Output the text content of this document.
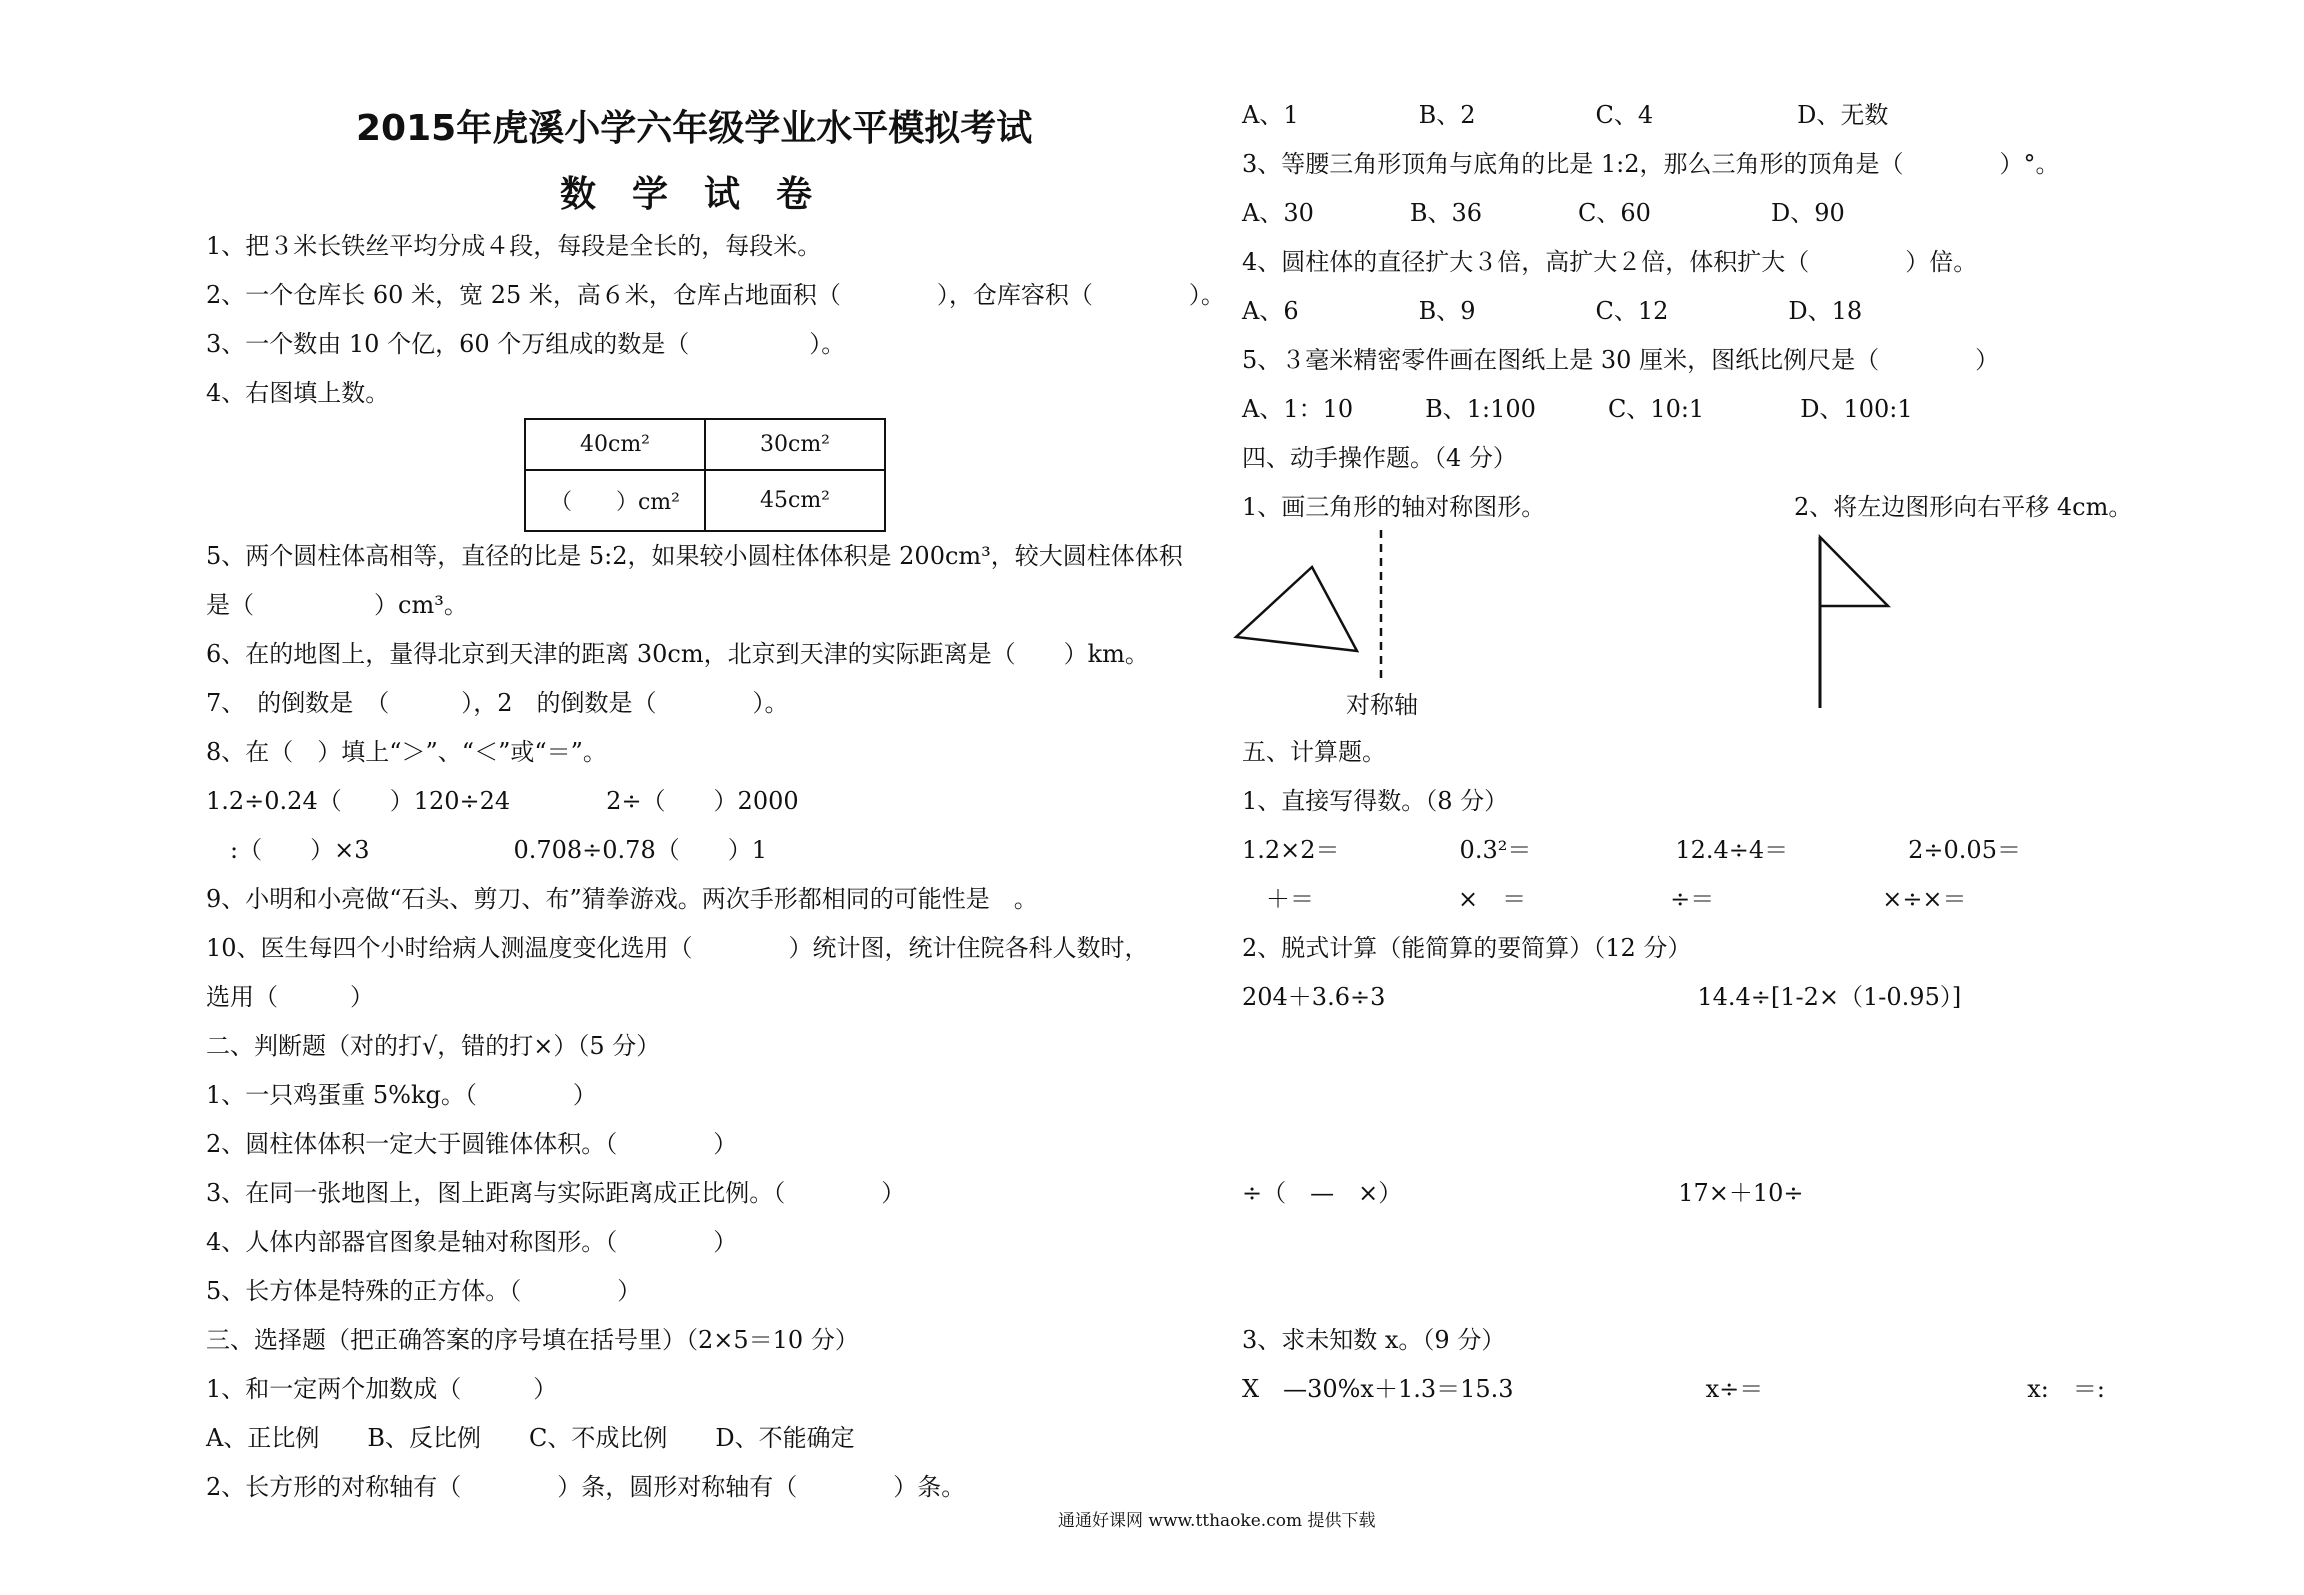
2015年虎溪小学六年级学业水平模拟考试
数　学　试　卷
1、把３米长铁丝平均分成４段，每段是全长的，每段米。
2、一个仓库长 60 米，宽 25 米，高６米，仓库占地面积（　　　　），仓库容积（　　　　）。
3、一个数由 10 个亿，60 个万组成的数是（　　　　　）。
4、右图填上数。
40cm²	30cm²
（　　）cm²	45cm²
5、两个圆柱体高相等，直径的比是 5:2，如果较小圆柱体体积是 200cm³，较大圆柱体体积
是（　　　　　）cm³。
6、在的地图上，量得北京到天津的距离 30cm，北京到天津的实际距离是（　　）km。
7、　的倒数是　（　　　），2　的倒数是（　　　　）。
8、在（　）填上“＞”、“＜”或“＝”。
1.2÷0.24（　　）120÷24　　　　2÷（　　）2000
　:（　　）×3　　　　　　0.708÷0.78（　　）1
9、小明和小亮做“石头、剪刀、布”猜拳游戏。两次手形都相同的可能性是　。
10、医生每四个小时给病人测温度变化选用（　　　　）统计图，统计住院各科人数时，
选用（　　　）
二、判断题（对的打√，错的打×）（5 分）
1、一只鸡蛋重 5%kg。（　　　　）
2、圆柱体体积一定大于圆锥体体积。（　　　　）
3、在同一张地图上，图上距离与实际距离成正比例。（　　　　）
4、人体内部器官图象是轴对称图形。（　　　　）
5、长方体是特殊的正方体。（　　　　）
三、选择题（把正确答案的序号填在括号里）（2×5＝10 分）
1、和一定两个加数成（　　　）
A、正比例　　B、反比例　　C、不成比例　　D、不能确定
2、长方形的对称轴有（　　　　）条，圆形对称轴有（　　　　）条。
A、1　　　　　B、2　　　　　C、4　　　　　　D、无数
3、等腰三角形顶角与底角的比是 1:2，那么三角形的顶角是（　　　　）°。
A、30　　　　B、36　　　　C、60　　　　　D、90
4、圆柱体的直径扩大３倍，高扩大２倍，体积扩大（　　　　）倍。
A、6　　　　　B、9　　　　　C、12　　　　　D、18
5、３毫米精密零件画在图纸上是 30 厘米，图纸比例尺是（　　　　）
A、1：10　　　B、1:100　　　C、10:1　　　　D、100:1
四、动手操作题。（4 分）
1、画三角形的轴对称图形。	2、将左边图形向右平移 4cm。
对称轴
五、计算题。
1、直接写得数。（8 分）
1.2×2＝　　　　　0.3²＝　　　　　　12.4÷4＝　　　　　2÷0.05＝
　＋＝　　　　　　×　＝　　　　　　÷＝　　　　　　　×÷×＝
2、脱式计算（能简算的要简算）（12 分）
204＋3.6÷3　　　　　　　　　　　　　14.4÷[1-2×（1-0.95）]
÷（　—　×）　　　　　　　　　　　　17×＋10÷
3、求未知数 x。（9 分）
X　—30%x＋1.3＝15.3　　　　　　　　x÷＝　　　　　　　　　　　x:　＝:
通通好课网 www.tthaoke.com 提供下载
